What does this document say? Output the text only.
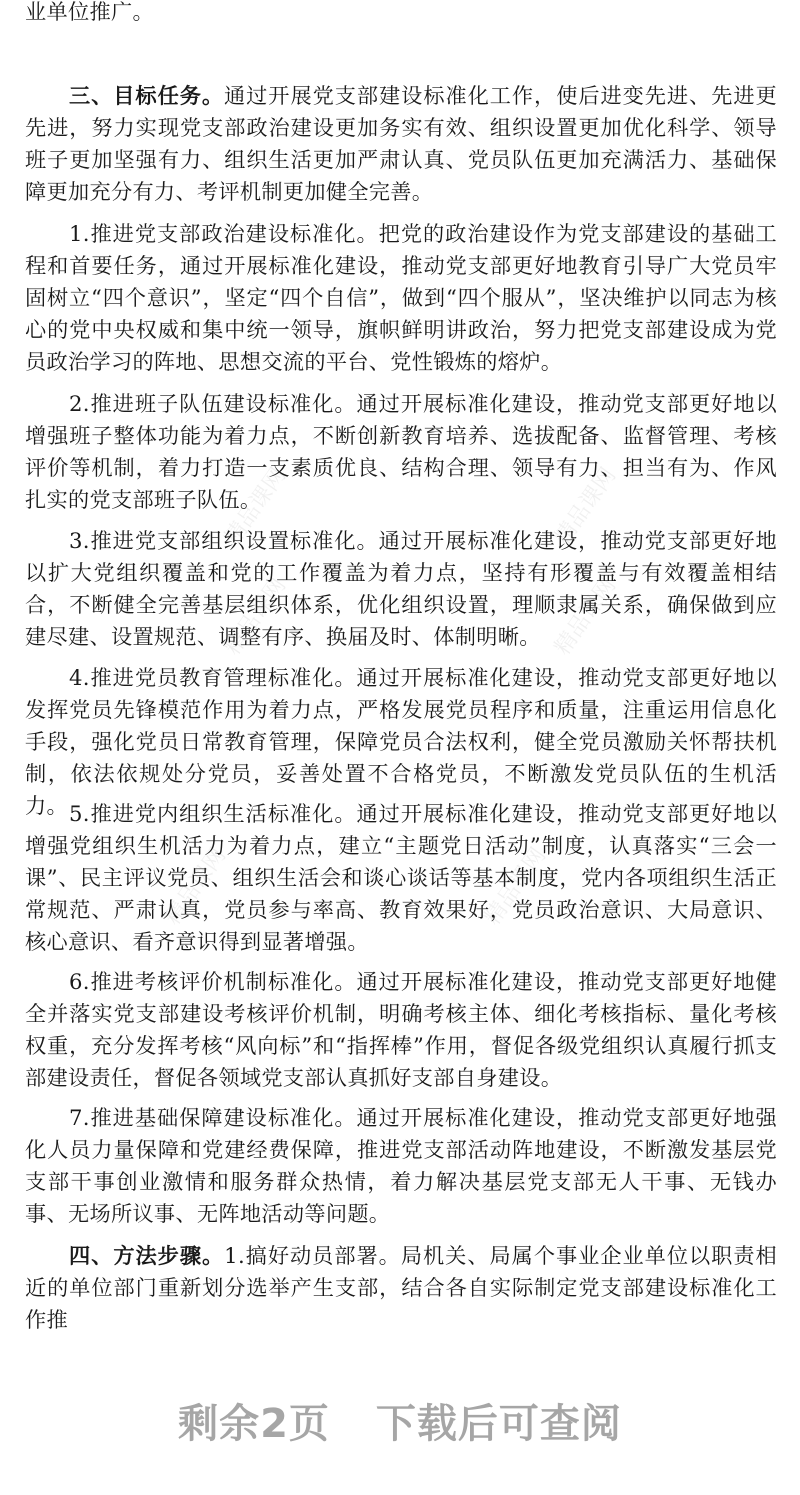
精品课网	精品课网
精品课网	精品课网
精品课网	精品课网

业单位推广。

三、目标任务。通过开展党支部建设标准化工作，使后进变先进、先进更先进，努力实现党支部政治建设更加务实有效、组织设置更加优化科学、领导班子更加坚强有力、组织生活更加严肃认真、党员队伍更加充满活力、基础保障更加充分有力、考评机制更加健全完善。

1.推进党支部政治建设标准化。把党的政治建设作为党支部建设的基础工程和首要任务，通过开展标准化建设，推动党支部更好地教育引导广大党员牢固树立“四个意识”，坚定“四个自信”，做到“四个服从”，坚决维护以同志为核心的党中央权威和集中统一领导，旗帜鲜明讲政治，努力把党支部建设成为党员政治学习的阵地、思想交流的平台、党性锻炼的熔炉。

2.推进班子队伍建设标准化。通过开展标准化建设，推动党支部更好地以增强班子整体功能为着力点，不断创新教育培养、选拔配备、监督管理、考核评价等机制，着力打造一支素质优良、结构合理、领导有力、担当有为、作风扎实的党支部班子队伍。

3.推进党支部组织设置标准化。通过开展标准化建设，推动党支部更好地以扩大党组织覆盖和党的工作覆盖为着力点，坚持有形覆盖与有效覆盖相结合，不断健全完善基层组织体系，优化组织设置，理顺隶属关系，确保做到应建尽建、设置规范、调整有序、换届及时、体制明晰。

4.推进党员教育管理标准化。通过开展标准化建设，推动党支部更好地以发挥党员先锋模范作用为着力点，严格发展党员程序和质量，注重运用信息化手段，强化党员日常教育管理，保障党员合法权利，健全党员激励关怀帮扶机制，依法依规处分党员，妥善处置不合格党员，不断激发党员队伍的生机活力。 5.推进党内组织生活标准化。通过开展标准化建设，推动党支部更好地以增强党组织生机活力为着力点，建立“主题党日活动”制度，认真落实“三会一课”、民主评议党员、组织生活会和谈心谈话等基本制度，党内各项组织生活正常规范、严肃认真，党员参与率高、教育效果好，党员政治意识、大局意识、核心意识、看齐意识得到显著增强。

6.推进考核评价机制标准化。通过开展标准化建设，推动党支部更好地健全并落实党支部建设考核评价机制，明确考核主体、细化考核指标、量化考核权重，充分发挥考核“风向标”和“指挥棒”作用，督促各级党组织认真履行抓支部建设责任，督促各领域党支部认真抓好支部自身建设。

7.推进基础保障建设标准化。通过开展标准化建设，推动党支部更好地强化人员力量保障和党建经费保障，推进党支部活动阵地建设，不断激发基层党支部干事创业激情和服务群众热情，着力解决基层党支部无人干事、无钱办事、无场所议事、无阵地活动等问题。

四、方法步骤。1.搞好动员部署。局机关、局属个事业企业单位以职责相近的单位部门重新划分选举产生支部，结合各自实际制定党支部建设标准化工作推

剩余2页 下载后可查阅
